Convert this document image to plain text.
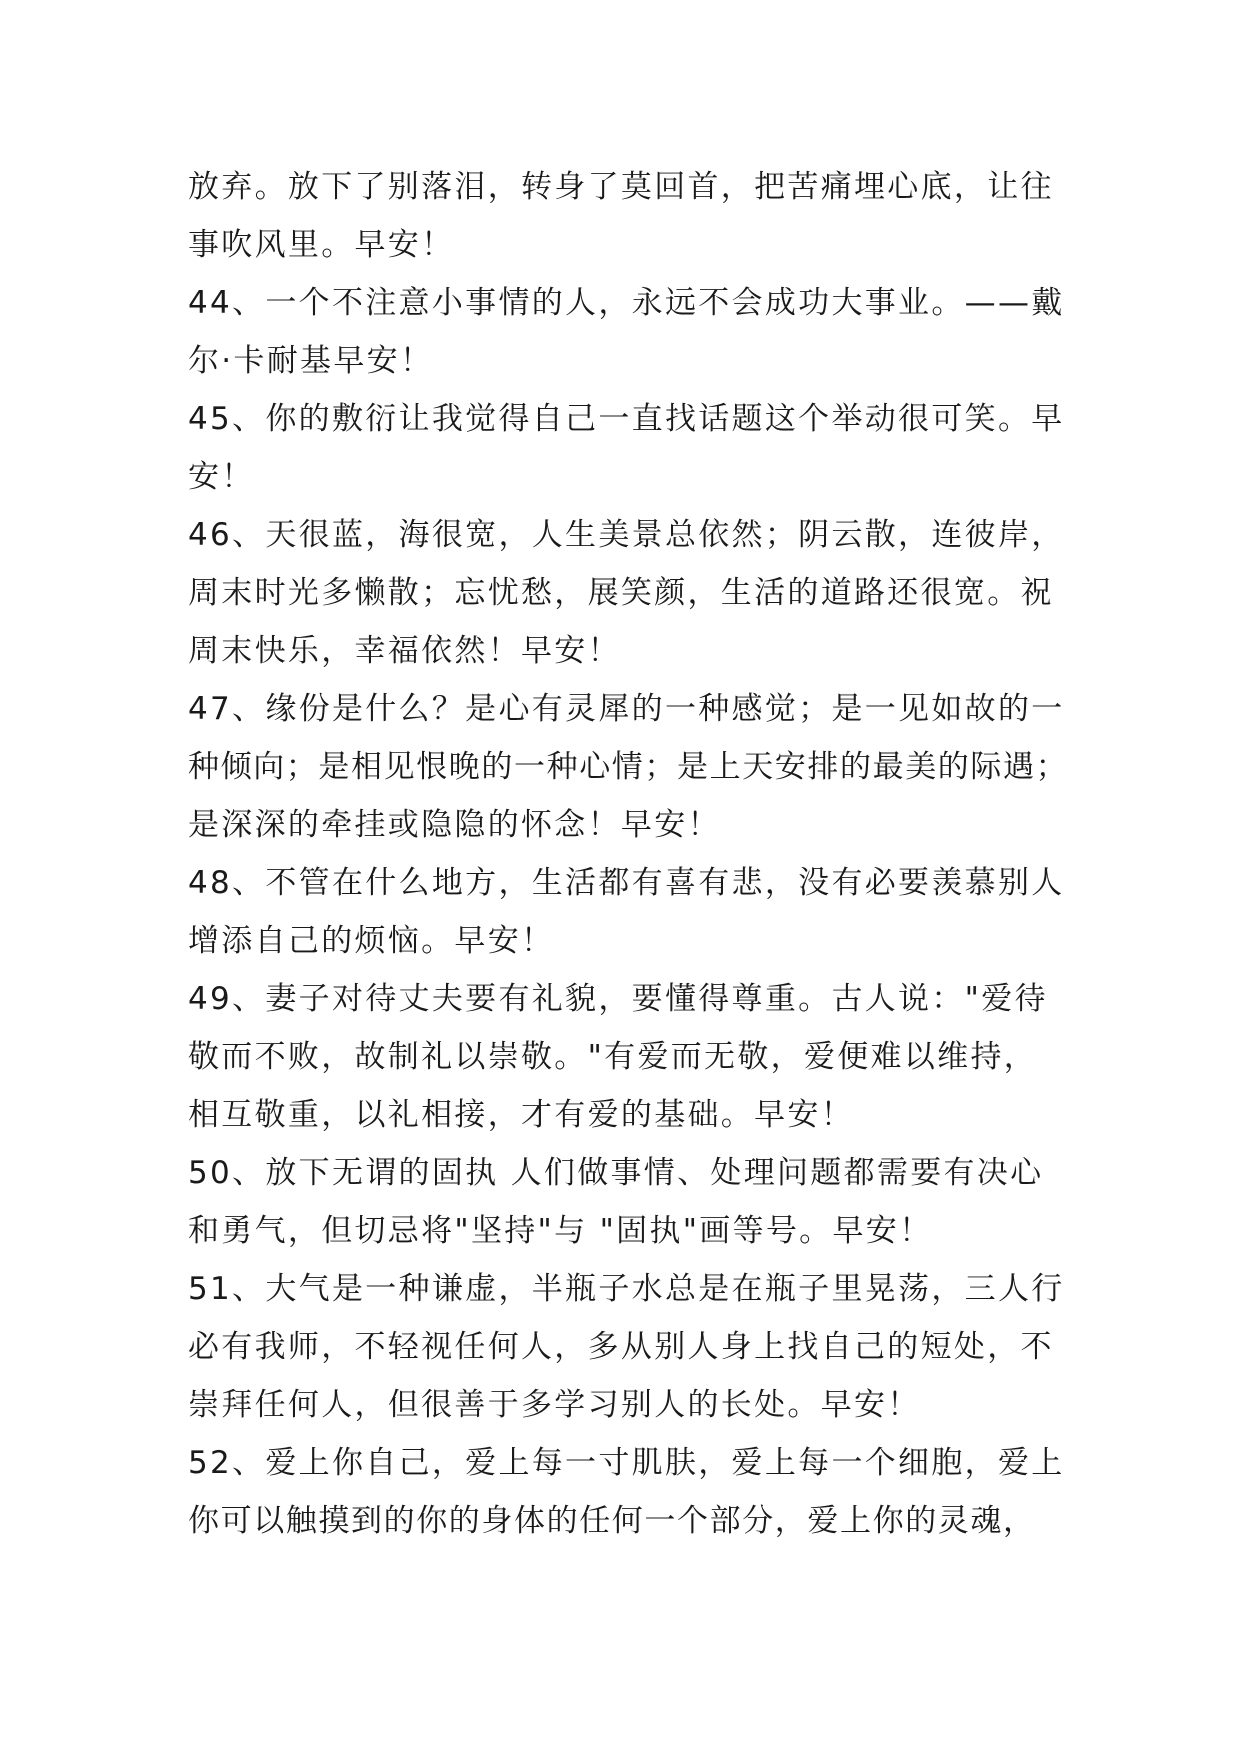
放弃。放下了别落泪，转身了莫回首，把苦痛埋心底，让往
事吹风里。早安！
44、一个不注意小事情的人，永远不会成功大事业。——戴
尔·卡耐基早安！
45、你的敷衍让我觉得自己一直找话题这个举动很可笑。早
安！
46、天很蓝，海很宽，人生美景总依然；阴云散，连彼岸，
周末时光多懒散；忘忧愁，展笑颜，生活的道路还很宽。祝
周末快乐，幸福依然！早安！
47、缘份是什么？是心有灵犀的一种感觉；是一见如故的一
种倾向；是相见恨晚的一种心情；是上天安排的最美的际遇；
是深深的牵挂或隐隐的怀念！早安！
48、不管在什么地方，生活都有喜有悲，没有必要羡慕别人
增添自己的烦恼。早安！
49、妻子对待丈夫要有礼貌，要懂得尊重。古人说："爱待
敬而不败，故制礼以崇敬。"有爱而无敬，爱便难以维持，
相互敬重，以礼相接，才有爱的基础。早安！
50、放下无谓的固执 人们做事情、处理问题都需要有决心
和勇气，但切忌将"坚持"与 "固执"画等号。早安！
51、大气是一种谦虚，半瓶子水总是在瓶子里晃荡，三人行
必有我师，不轻视任何人，多从别人身上找自己的短处，不
崇拜任何人，但很善于多学习别人的长处。早安！
52、爱上你自己，爱上每一寸肌肤，爱上每一个细胞，爱上
你可以触摸到的你的身体的任何一个部分，爱上你的灵魂，
